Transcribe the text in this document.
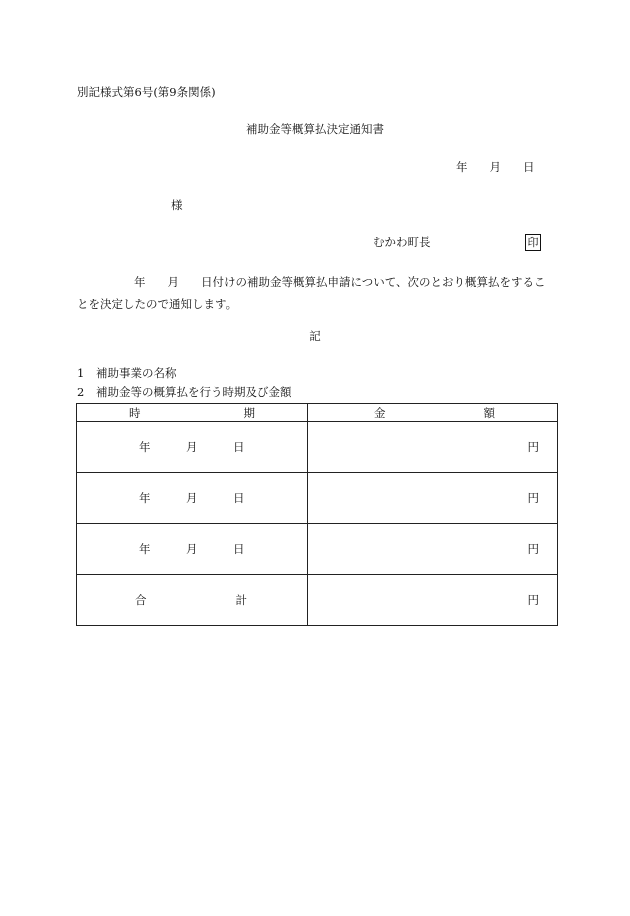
別記様式第6号(第9条関係)
補助金等概算払決定通知書
年 月 日
様
むかわ町長	印
年 月 日付けの補助金等概算払申請について、次のとおり概算払をすることを決定したので通知します。
記
1 補助事業の名称
2 補助金等の概算払を行う時期及び金額
時 期	金 額

年 月 日	円
年 月 日	円
年 月 日	円

合 計	円
